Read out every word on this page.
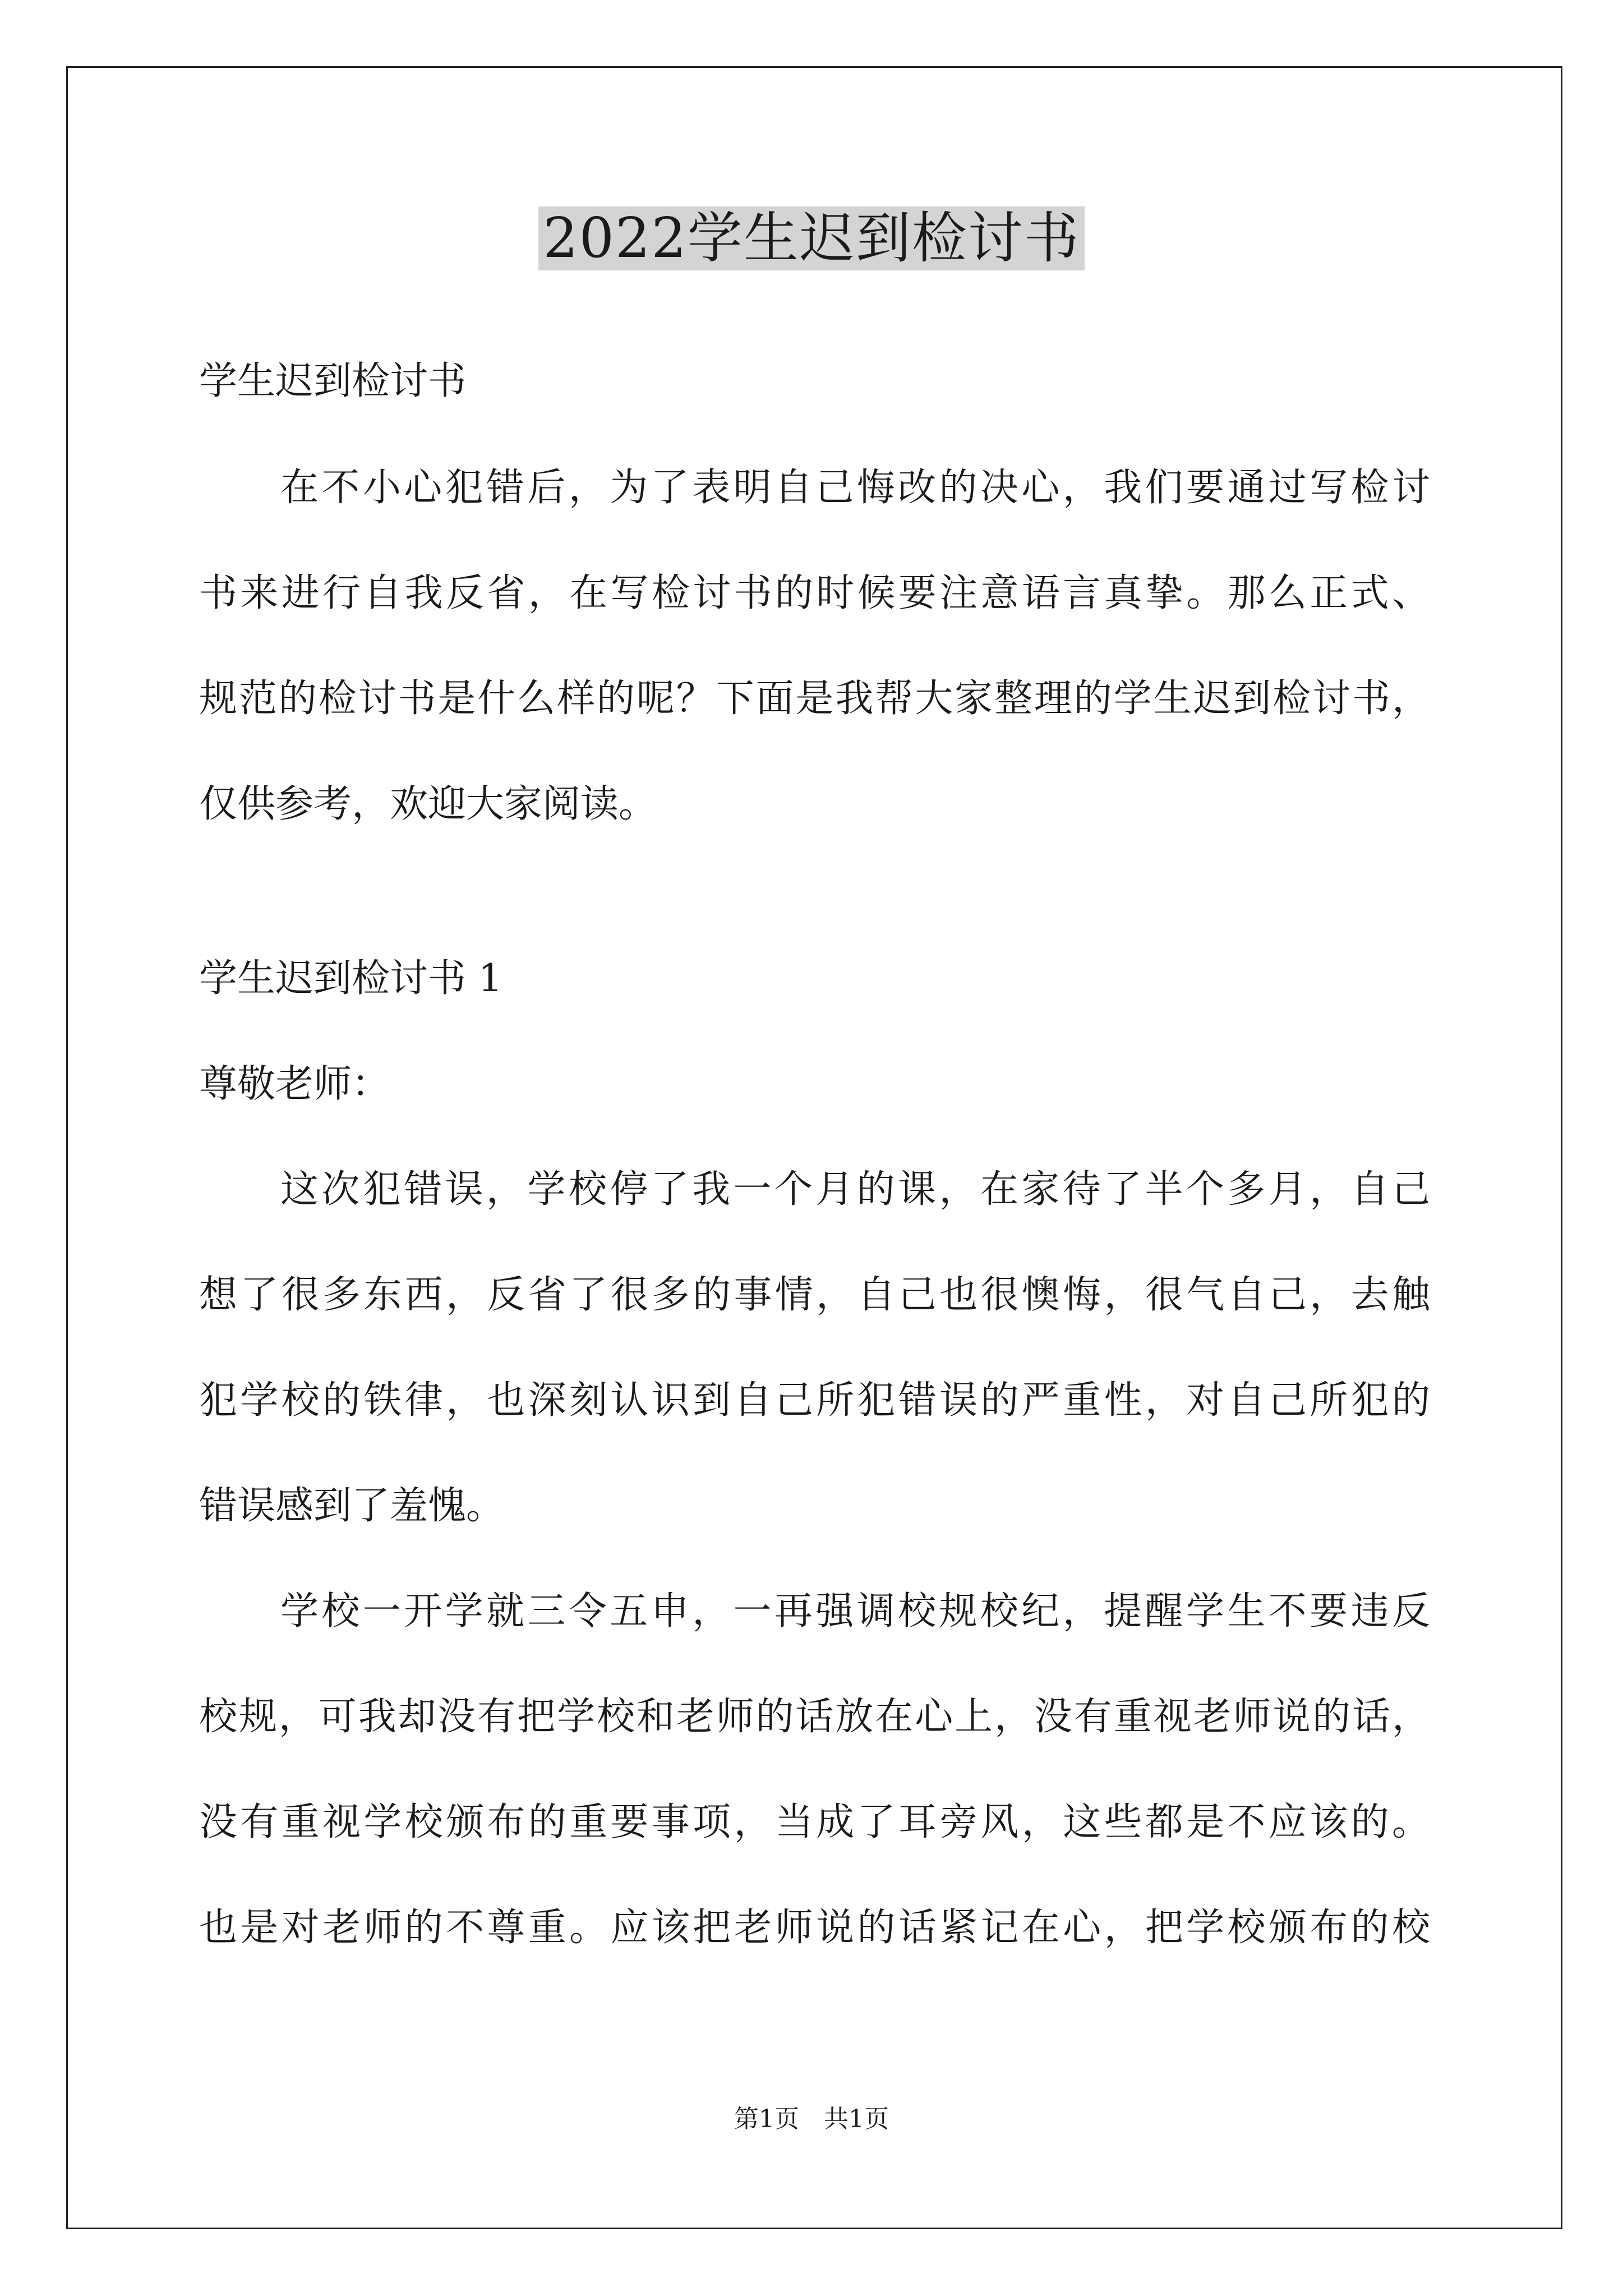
2022学生迟到检讨书
学生迟到检讨书
在不小心犯错后，为了表明自己悔改的决心，我们要通过写检讨
书来进行自我反省，在写检讨书的时候要注意语言真挚。那么正式、
规范的检讨书是什么样的呢？下面是我帮大家整理的学生迟到检讨书，
仅供参考，欢迎大家阅读。
学生迟到检讨书 1
尊敬老师：
这次犯错误，学校停了我一个月的课，在家待了半个多月，自己
想了很多东西，反省了很多的事情，自己也很懊悔，很气自己，去触
犯学校的铁律，也深刻认识到自己所犯错误的严重性，对自己所犯的
错误感到了羞愧。
学校一开学就三令五申，一再强调校规校纪，提醒学生不要违反
校规，可我却没有把学校和老师的话放在心上，没有重视老师说的话，
没有重视学校颁布的重要事项，当成了耳旁风，这些都是不应该的。
也是对老师的不尊重。应该把老师说的话紧记在心，把学校颁布的校
第1页　共1页
